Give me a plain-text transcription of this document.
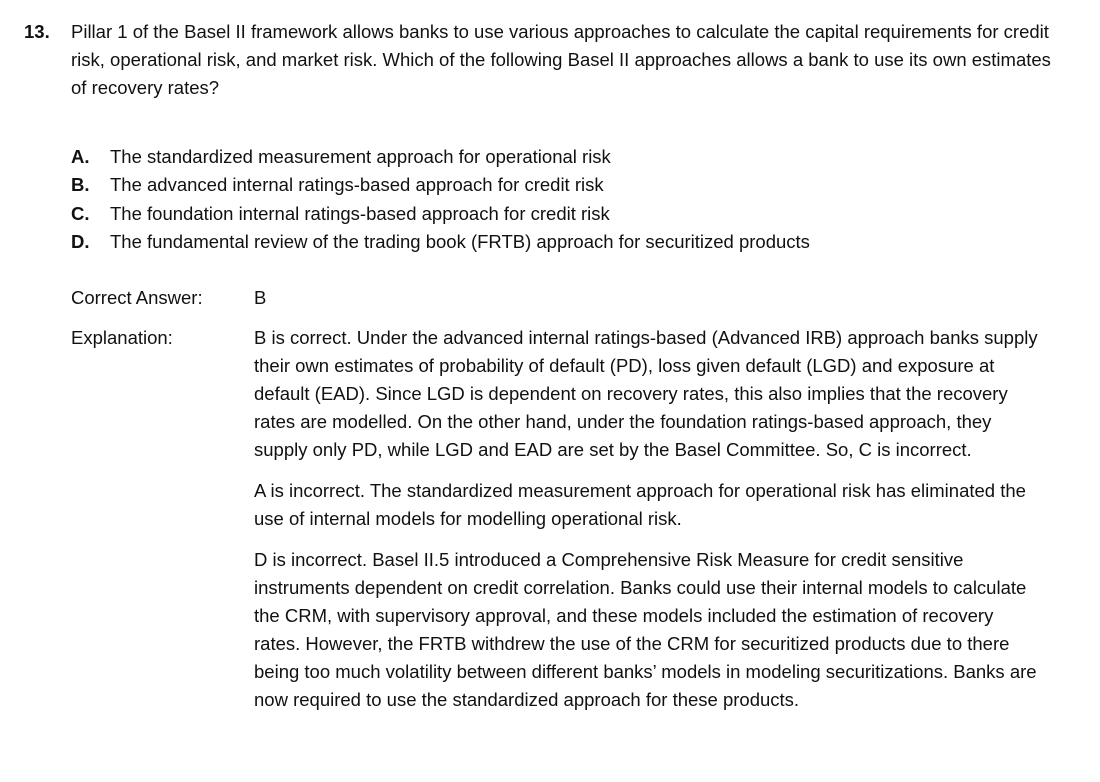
13. Pillar 1 of the Basel II framework allows banks to use various approaches to calculate the capital requirements for credit risk, operational risk, and market risk. Which of the following Basel II approaches allows a bank to use its own estimates of recovery rates?
A.	The standardized measurement approach for operational risk
B.	The advanced internal ratings-based approach for credit risk
C.	The foundation internal ratings-based approach for credit risk
D.	The fundamental review of the trading book (FRTB) approach for securitized products
Correct Answer:	B
Explanation:	B is correct. Under the advanced internal ratings-based (Advanced IRB) approach banks supply their own estimates of probability of default (PD), loss given default (LGD) and exposure at default (EAD). Since LGD is dependent on recovery rates, this also implies that the recovery rates are modelled. On the other hand, under the foundation ratings-based approach, they supply only PD, while LGD and EAD are set by the Basel Committee. So, C is incorrect.

A is incorrect. The standardized measurement approach for operational risk has eliminated the use of internal models for modelling operational risk.

D is incorrect. Basel II.5 introduced a Comprehensive Risk Measure for credit sensitive instruments dependent on credit correlation. Banks could use their internal models to calculate the CRM, with supervisory approval, and these models included the estimation of recovery rates. However, the FRTB withdrew the use of the CRM for securitized products due to there being too much volatility between different banks’ models in modeling securitizations. Banks are now required to use the standardized approach for these products.
